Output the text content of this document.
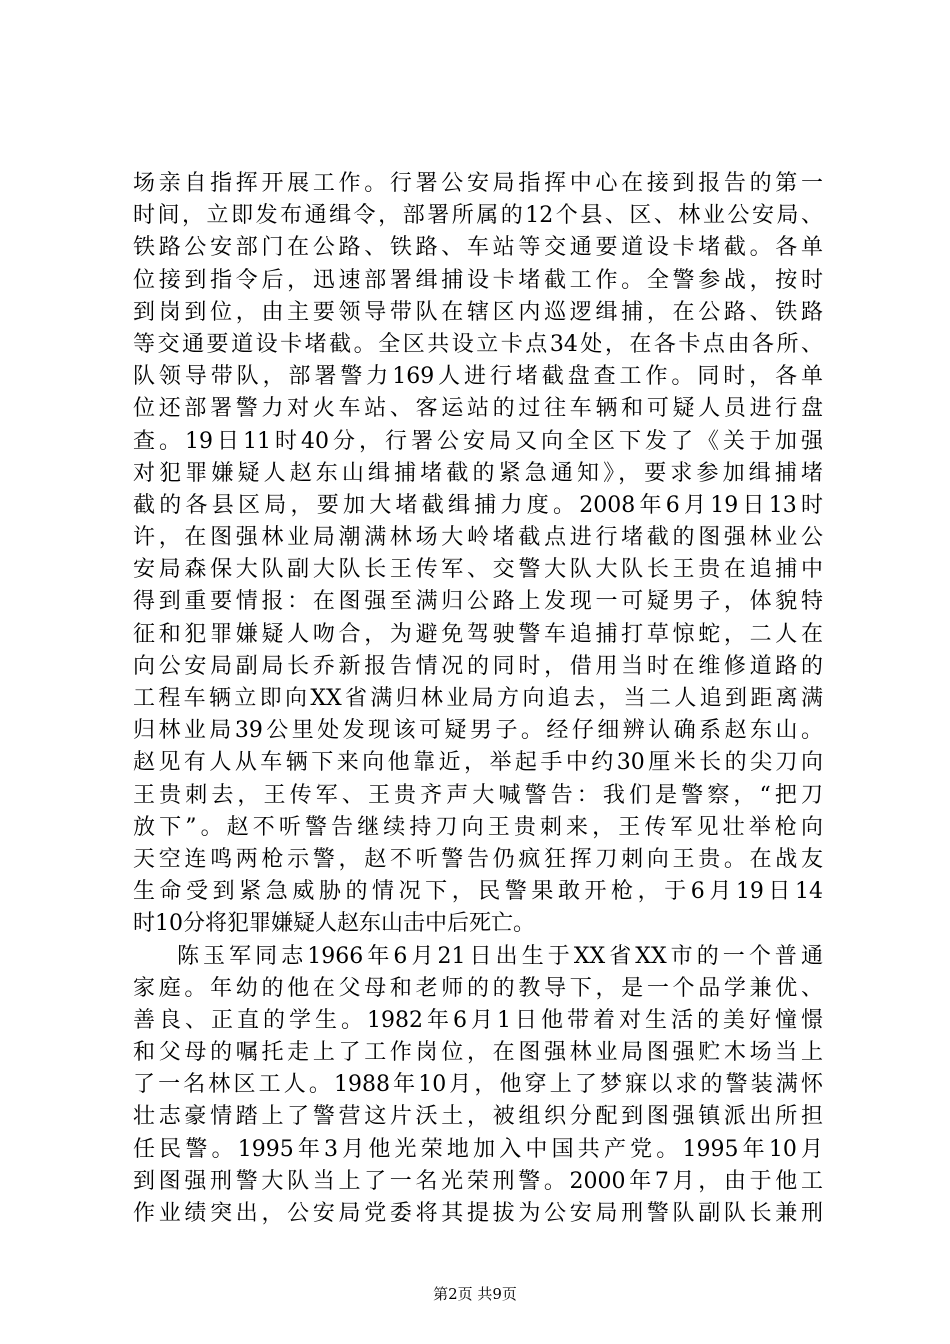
场亲自指挥开展工作。行署公安局指挥中心在接到报告的第一
时间，立即发布通缉令，部署所属的12个县、区、林业公安局、
铁路公安部门在公路、铁路、车站等交通要道设卡堵截。各单
位接到指令后，迅速部署缉捕设卡堵截工作。全警参战，按时
到岗到位，由主要领导带队在辖区内巡逻缉捕，在公路、铁路
等交通要道设卡堵截。全区共设立卡点34处，在各卡点由各所、
队领导带队，部署警力169人进行堵截盘查工作。同时，各单
位还部署警力对火车站、客运站的过往车辆和可疑人员进行盘
查。19日11时40分，行署公安局又向全区下发了《关于加强
对犯罪嫌疑人赵东山缉捕堵截的紧急通知》，要求参加缉捕堵
截的各县区局，要加大堵截缉捕力度。2008年6月19日13时
许，在图强林业局潮满林场大岭堵截点进行堵截的图强林业公
安局森保大队副大队长王传军、交警大队大队长王贵在追捕中
得到重要情报：在图强至满归公路上发现一可疑男子，体貌特
征和犯罪嫌疑人吻合，为避免驾驶警车追捕打草惊蛇，二人在
向公安局副局长乔新报告情况的同时，借用当时在维修道路的
工程车辆立即向XX省满归林业局方向追去，当二人追到距离满
归林业局39公里处发现该可疑男子。经仔细辨认确系赵东山。
赵见有人从车辆下来向他靠近，举起手中约30厘米长的尖刀向
王贵刺去，王传军、王贵齐声大喊警告：我们是警察，“把刀
放下”。赵不听警告继续持刀向王贵刺来，王传军见壮举枪向
天空连鸣两枪示警，赵不听警告仍疯狂挥刀刺向王贵。在战友
生命受到紧急威胁的情况下，民警果敢开枪，于6月19日14
时10分将犯罪嫌疑人赵东山击中后死亡。
陈玉军同志1966年6月21日出生于XX省XX市的一个普通
家庭。年幼的他在父母和老师的的教导下，是一个品学兼优、
善良、正直的学生。1982年6月1日他带着对生活的美好憧憬
和父母的嘱托走上了工作岗位，在图强林业局图强贮木场当上
了一名林区工人。1988年10月，他穿上了梦寐以求的警装满怀
壮志豪情踏上了警营这片沃土，被组织分配到图强镇派出所担
任民警。1995年3月他光荣地加入中国共产党。1995年10月
到图强刑警大队当上了一名光荣刑警。2000年7月，由于他工
作业绩突出，公安局党委将其提拔为公安局刑警队副队长兼刑
第2页 共9页
